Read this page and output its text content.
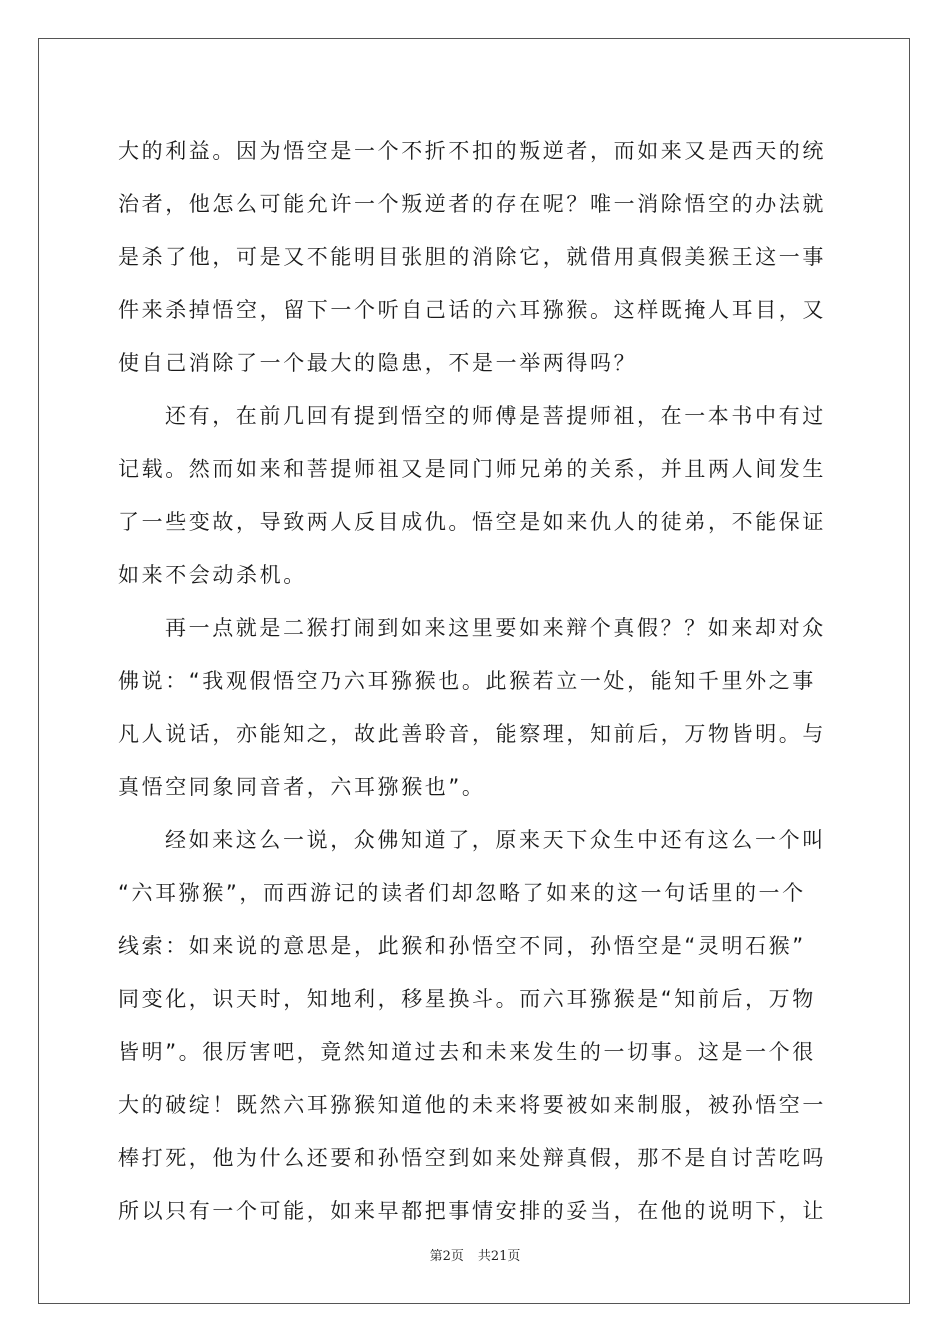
大的利益。因为悟空是一个不折不扣的叛逆者，而如来又是西天的统
治者，他怎么可能允许一个叛逆者的存在呢？唯一消除悟空的办法就
是杀了他，可是又不能明目张胆的消除它，就借用真假美猴王这一事
件来杀掉悟空，留下一个听自己话的六耳猕猴。这样既掩人耳目，又
使自己消除了一个最大的隐患，不是一举两得吗？
还有，在前几回有提到悟空的师傅是菩提师祖，在一本书中有过
记载。然而如来和菩提师祖又是同门师兄弟的关系，并且两人间发生
了一些变故，导致两人反目成仇。悟空是如来仇人的徒弟，不能保证
如来不会动杀机。
再一点就是二猴打闹到如来这里要如来辩个真假？？如来却对众
佛说：“我观假悟空乃六耳猕猴也。此猴若立一处，能知千里外之事
凡人说话，亦能知之，故此善聆音，能察理，知前后，万物皆明。与
真悟空同象同音者，六耳猕猴也”。
经如来这么一说，众佛知道了，原来天下众生中还有这么一个叫
“六耳猕猴”，而西游记的读者们却忽略了如来的这一句话里的一个
线索：如来说的意思是，此猴和孙悟空不同，孙悟空是“灵明石猴”
同变化，识天时，知地利，移星换斗。而六耳猕猴是“知前后，万物
皆明”。很厉害吧，竟然知道过去和未来发生的一切事。这是一个很
大的破绽！既然六耳猕猴知道他的未来将要被如来制服，被孙悟空一
棒打死，他为什么还要和孙悟空到如来处辩真假，那不是自讨苦吃吗
所以只有一个可能，如来早都把事情安排的妥当，在他的说明下，让
第2页 共21页
